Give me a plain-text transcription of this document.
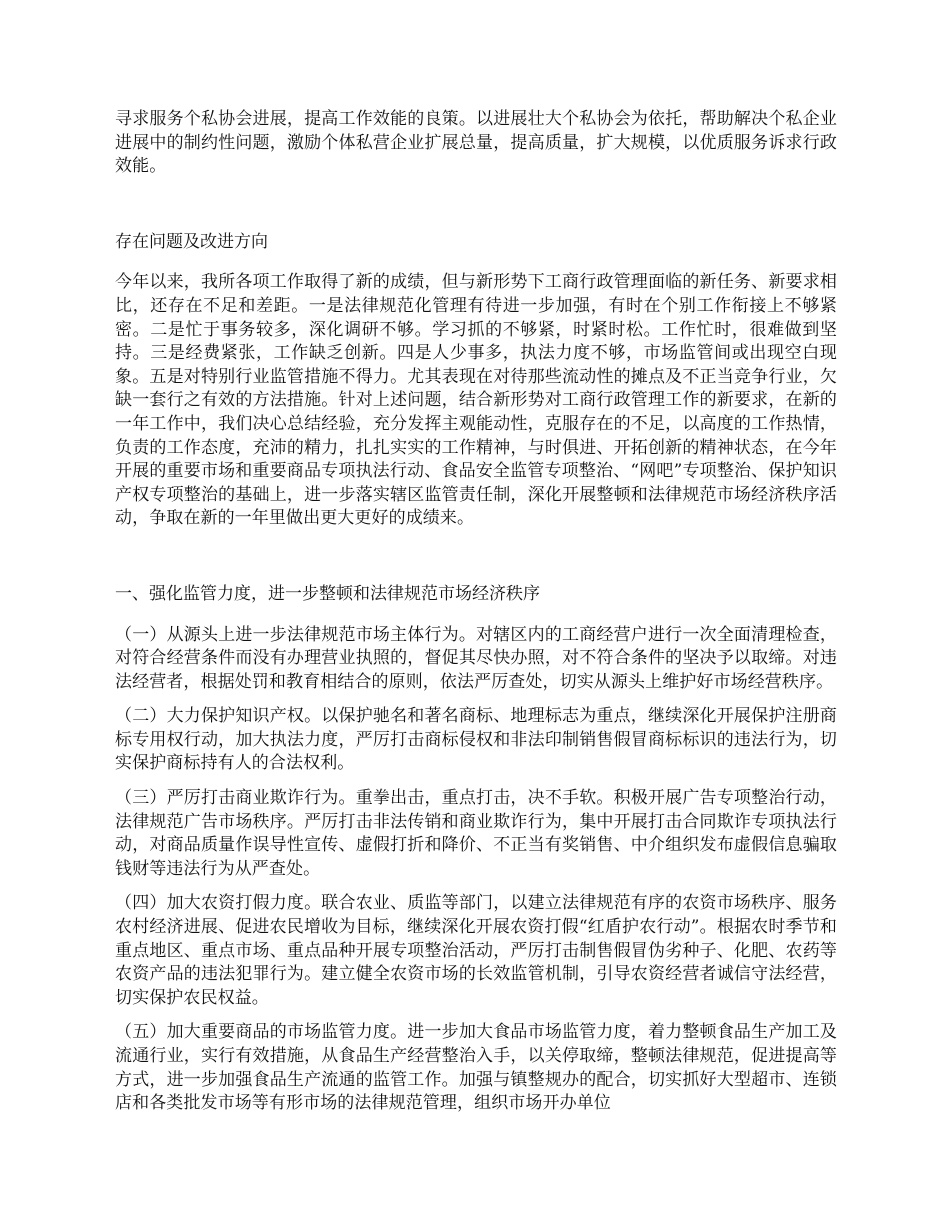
寻求服务个私协会进展，提高工作效能的良策。以进展壮大个私协会为依托，帮助解决个私企业进展中的制约性问题，激励个体私营企业扩展总量，提高质量，扩大规模，以优质服务诉求行政效能。

存在问题及改进方向

今年以来，我所各项工作取得了新的成绩，但与新形势下工商行政管理面临的新任务、新要求相比，还存在不足和差距。一是法律规范化管理有待进一步加强，有时在个别工作衔接上不够紧密。二是忙于事务较多，深化调研不够。学习抓的不够紧，时紧时松。工作忙时，很难做到坚持。三是经费紧张，工作缺乏创新。四是人少事多，执法力度不够，市场监管间或出现空白现象。五是对特别行业监管措施不得力。尤其表现在对待那些流动性的摊点及不正当竞争行业，欠缺一套行之有效的方法措施。针对上述问题，结合新形势对工商行政管理工作的新要求，在新的一年工作中，我们决心总结经验，充分发挥主观能动性，克服存在的不足，以高度的工作热情，负责的工作态度，充沛的精力，扎扎实实的工作精神，与时俱进、开拓创新的精神状态，在今年开展的重要市场和重要商品专项执法行动、食品安全监管专项整治、“网吧”专项整治、保护知识产权专项整治的基础上，进一步落实辖区监管责任制，深化开展整顿和法律规范市场经济秩序活动，争取在新的一年里做出更大更好的成绩来。

一、强化监管力度，进一步整顿和法律规范市场经济秩序

（一）从源头上进一步法律规范市场主体行为。对辖区内的工商经营户进行一次全面清理检查，对符合经营条件而没有办理营业执照的，督促其尽快办照，对不符合条件的坚决予以取缔。对违法经营者，根据处罚和教育相结合的原则，依法严厉查处，切实从源头上维护好市场经营秩序。

（二）大力保护知识产权。以保护驰名和著名商标、地理标志为重点，继续深化开展保护注册商标专用权行动，加大执法力度，严厉打击商标侵权和非法印制销售假冒商标标识的违法行为，切实保护商标持有人的合法权利。

（三）严厉打击商业欺诈行为。重拳出击，重点打击，决不手软。积极开展广告专项整治行动，法律规范广告市场秩序。严厉打击非法传销和商业欺诈行为，集中开展打击合同欺诈专项执法行动，对商品质量作误导性宣传、虚假打折和降价、不正当有奖销售、中介组织发布虚假信息骗取钱财等违法行为从严查处。

（四）加大农资打假力度。联合农业、质监等部门，以建立法律规范有序的农资市场秩序、服务农村经济进展、促进农民增收为目标，继续深化开展农资打假“红盾护农行动”。根据农时季节和重点地区、重点市场、重点品种开展专项整治活动，严厉打击制售假冒伪劣种子、化肥、农药等农资产品的违法犯罪行为。建立健全农资市场的长效监管机制，引导农资经营者诚信守法经营，切实保护农民权益。

（五）加大重要商品的市场监管力度。进一步加大食品市场监管力度，着力整顿食品生产加工及流通行业，实行有效措施，从食品生产经营整治入手，以关停取缔，整顿法律规范，促进提高等方式，进一步加强食品生产流通的监管工作。加强与镇整规办的配合，切实抓好大型超市、连锁店和各类批发市场等有形市场的法律规范管理，组织市场开办单位
